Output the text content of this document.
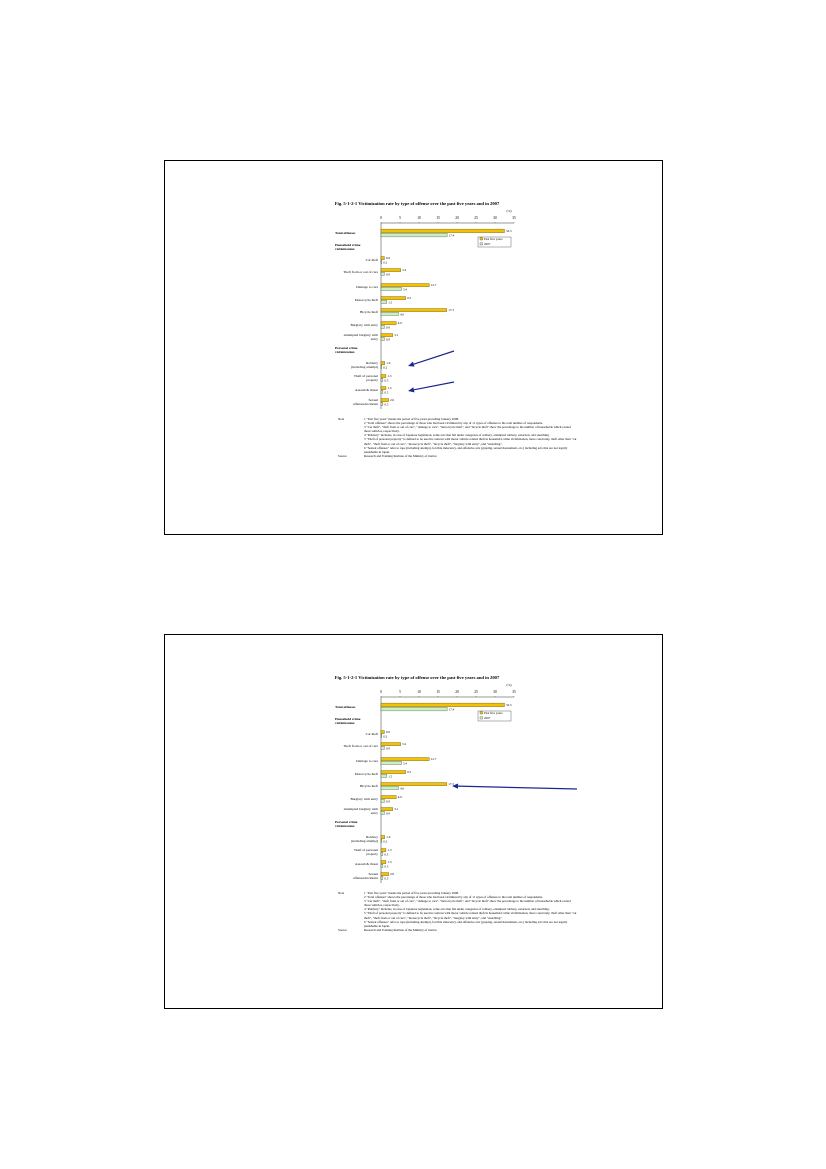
Fig. 5-1-2-1 Victimization rate by type of offense over the past five years and in 2007
(%)
0	5	10	15	20	25	30	35
Household crime victimization
Personal crime victimization
Total offenses
32.5
17.4
Car theft
0.9
0.2
Theft from or out of cars
5.2
0.9
Damage to cars
12.7
5.4
Motorcycle theft
6.5
1.5
Bicycle theft
17.3
4.6
Burglary with entry
4.0
0.9
Attempted burglary with entry
3.1
0.9
Robbery (including attempt)
1.0
0.2
Theft of personal property
1.3
0.5
Assault & threat
1.3
0.5
Sexual offenses/incidents
2.0
0.5
Past five years
2007
Note	1 "Past five years" means the period of five years preceding January 2008.
2 "Total offenses" shows the percentage of those who had been victimized by any of 11 types of offenses to the total number of respondents.
3 "Car theft", "theft from or out of cars", "damage to cars", "motorcycle theft", and "bicycle theft" show the percentage to the number of households which owned those vehicles, respectively.
4 "Robbery" includes, in case of Japanese legislation, some acts that fall under categories of robbery, attempted robbery, extortion, and snatching.
5 "Theft of personal property" is defined to be used in contrast with motor vehicle related theft in household crime victimization, more concretely, theft other than "car theft", "theft from or out of cars", "motorcycle theft", "bicycle theft", "burglary with entry", and "snatching".
6 "Sexual offenses" refer to rape (including attempt), forcible indecency, and offensive acts (groping, sexual harassment, etc.) including acts that are not legally punishable in Japan.
Source	Research and Training Institute of the Ministry of Justice
Fig. 5-1-2-1 Victimization rate by type of offense over the past five years and in 2007
(%)
0	5	10	15	20	25	30	35
Household crime victimization
Personal crime victimization
Total offenses
32.5
17.4
Car theft
0.9
0.2
Theft from or out of cars
5.2
0.9
Damage to cars
12.7
5.4
Motorcycle theft
6.5
1.5
Bicycle theft
17.3
4.6
Burglary with entry
4.0
0.9
Attempted burglary with entry
3.1
0.9
Robbery (including attempt)
1.0
0.2
Theft of personal property
1.3
0.5
Assault & threat
1.3
0.5
Sexual offenses/incidents
2.0
0.5
Past five years
2007
Note	1 "Past five years" means the period of five years preceding January 2008.
2 "Total offenses" shows the percentage of those who had been victimized by any of 11 types of offenses to the total number of respondents.
3 "Car theft", "theft from or out of cars", "damage to cars", "motorcycle theft", and "bicycle theft" show the percentage to the number of households which owned those vehicles, respectively.
4 "Robbery" includes, in case of Japanese legislation, some acts that fall under categories of robbery, attempted robbery, extortion, and snatching.
5 "Theft of personal property" is defined to be used in contrast with motor vehicle related theft in household crime victimization, more concretely, theft other than "car theft", "theft from or out of cars", "motorcycle theft", "bicycle theft", "burglary with entry", and "snatching".
6 "Sexual offenses" refer to rape (including attempt), forcible indecency, and offensive acts (groping, sexual harassment, etc.) including acts that are not legally punishable in Japan.
Source	Research and Training Institute of the Ministry of Justice
